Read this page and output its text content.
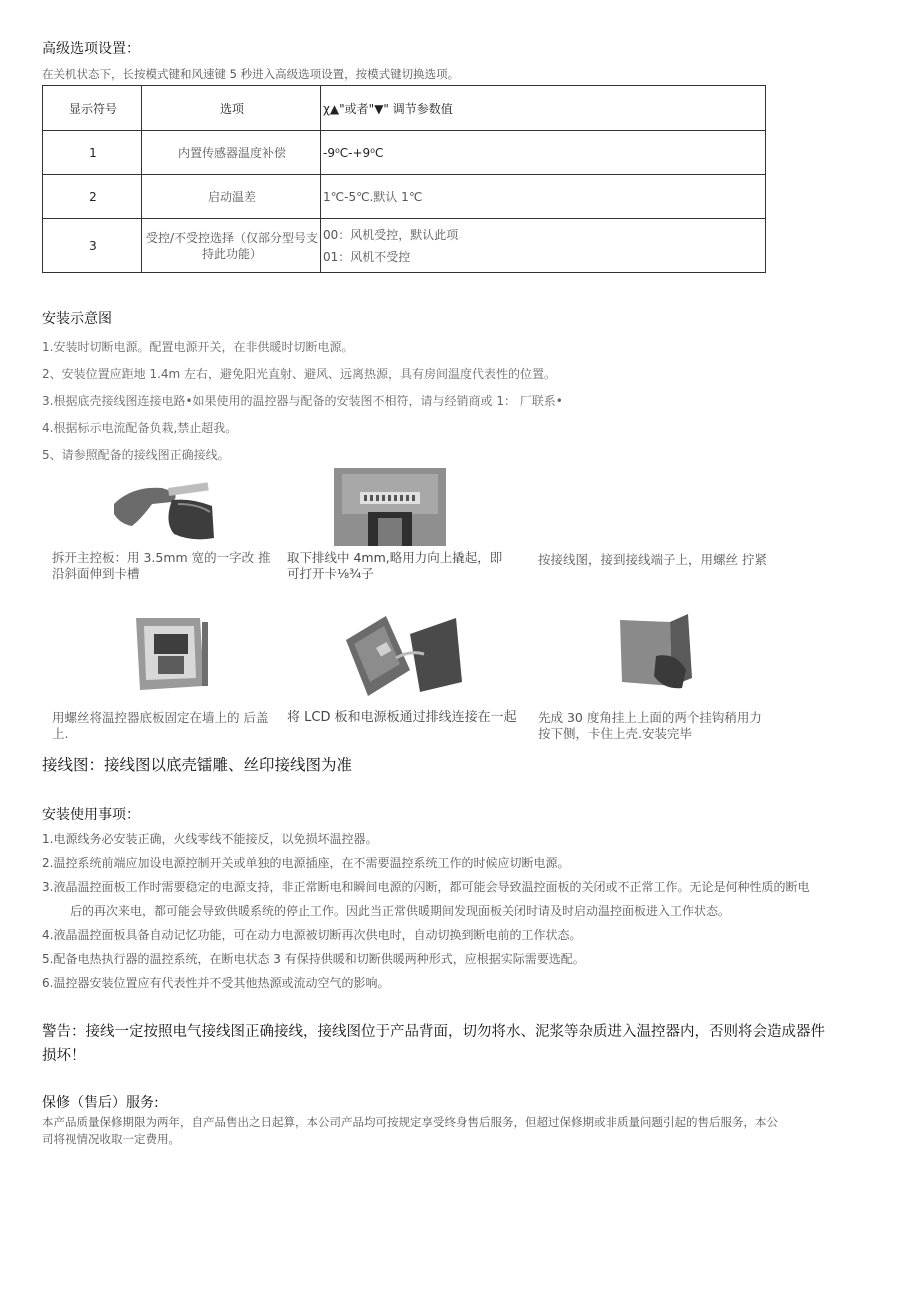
高级选项设置：
在关机状态下，长按模式键和风速键 5 秒进入高级选项设置，按模式键切换选项。
显示符号	选项	χ▲"或者"▼" 调节参数值
1	内置传感器温度补偿	-9⁰C-+9⁰C
2	启动温差	1℃-5℃.默认 1℃
3	受控/不受控选择（仅部分型号支持此功能）	00：风机受控，默认此项
01：风机不受控
安装示意图

1.安装时切断电源。配置电源开关，在非供暖时切断电源。

2、安装位置应距地 1.4m 左右，避免阳光直射、避风、远离热源，具有房间温度代表性的位置。

3.根据底壳接线图连接电路•如果使用的温控器与配备的安装图不相符，请与经销商或 1： 厂联系•

4.根据标示电流配备负栽,禁止超我。

5、请参照配备的接线图正确接线。

拆开主控板：用 3.5mm 宽的一字改 推沿斜面伸到卡槽
取下排线中 4mm,略用力向上撬起，即可打开卡⅛¾子
按接线图，接到接线端子上，用螺丝 拧紧
用螺丝将温控器底板固定在墙上的 后盖上.
将 LCD 板和电源板通过排线连接在一起	先成 30 度角挂上上面的两个挂钩稍用力按下侧，卡住上壳.安装完毕
接线图：接线图以底壳镭雕、丝印接线图为准
安装使用事项：

1.电源线务必安装正确，火线零线不能接反，以免损坏温控器。

2.温控系统前端应加设电源控制开关或单独的电源插座，在不需要温控系统工作的时候应切断电源。

3.液晶温控面板工作时需要稳定的电源支持，非正常断电和瞬间电源的闪断，都可能会导致温控面板的关闭或不正常工作。无论是何种性质的断电

后的再次来电，都可能会导致供暖系统的停止工作。因此当正常供暖期间发现面板关闭时请及时启动温控面板进入工作状态。

4.液晶温控面板具备自动记忆功能，可在动力电源被切断再次供电时，自动切换到断电前的工作状态。

5.配备电热执行器的温控系统，在断电状态 3 有保持供暖和切断供暖两种形式，应根据实际需要选配。

6.温控器安装位置应有代表性并不受其他热源或流动空气的影响。

警告：接线一定按照电气接线图正确接线，接线图位于产品背面，切勿将水、泥浆等杂质进入温控器内，否则将会造成器件
损坏！
保修（售后）服务:
本产品质量保修期限为两年，自产品售出之日起算，本公司产品均可按规定享受终身售后服务，但超过保修期或非质量问题引起的售后服务，本公
司将视情况收取一定费用。
